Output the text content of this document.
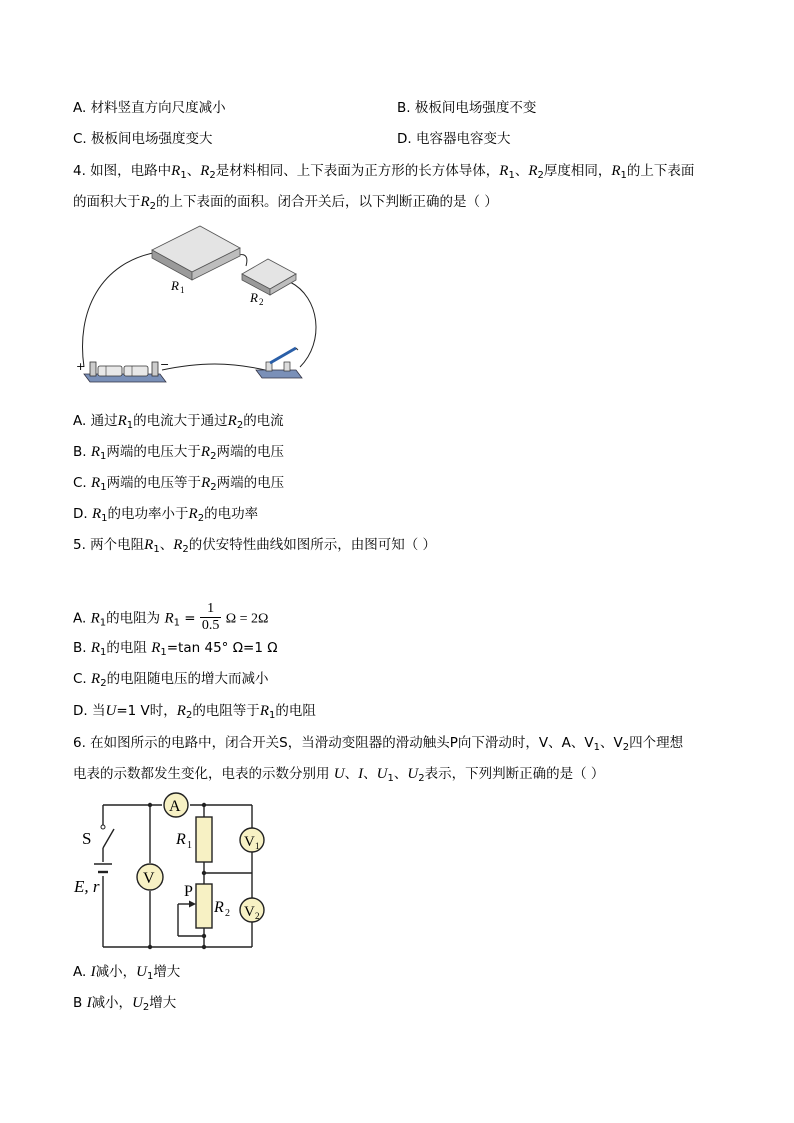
A. 材料竖直方向尺度减小	B. 极板间电场强度不变
C. 极板间电场强度变大	D. 电容器电容变大
4. 如图，电路中$R_1$、$R_2$是材料相同、上下表面为正方形的长方体导体，$R_1$、$R_2$厚度相同，$R_1$的上下表面
的面积大于$R_2$的上下表面的面积。闭合开关后，以下判断正确的是（ ）
R 1	R 2
+	−
A. 通过$R_1$的电流大于通过$R_2$的电流
B. $R_1$两端的电压大于$R_2$两端的电压
C. $R_1$两端的电压等于$R_2$两端的电压
D. $R_1$的电功率小于$R_2$的电功率
5. 两个电阻$R_1$、$R_2$的伏安特性曲线如图所示，由图可知（ ）
A. $R_1$的电阻为 $R_1 = \frac{1}{0.5}$ Ω = 2Ω
B. $R_1$的电阻 $R_1=\tan$ 45° Ω=1 Ω
C. $R_2$的电阻随电压的增大而减小
D. 当U=1 V时，$R_2$的电阻等于$R_1$的电阻
6. 在如图所示的电路中，闭合开关S，当滑动变阻器的滑动触头P向下滑动时，V、A、$V_1$、$V_2$四个理想
电表的示数都发生变化，电表的示数分别用 U、I、$U_1$、$U_2$表示，下列判断正确的是（ ）
S
E, r
A
V
R 1
P
R 2
V 1
V 2
A. I减小，$U_1$增大
B I减小，$U_2$增大
